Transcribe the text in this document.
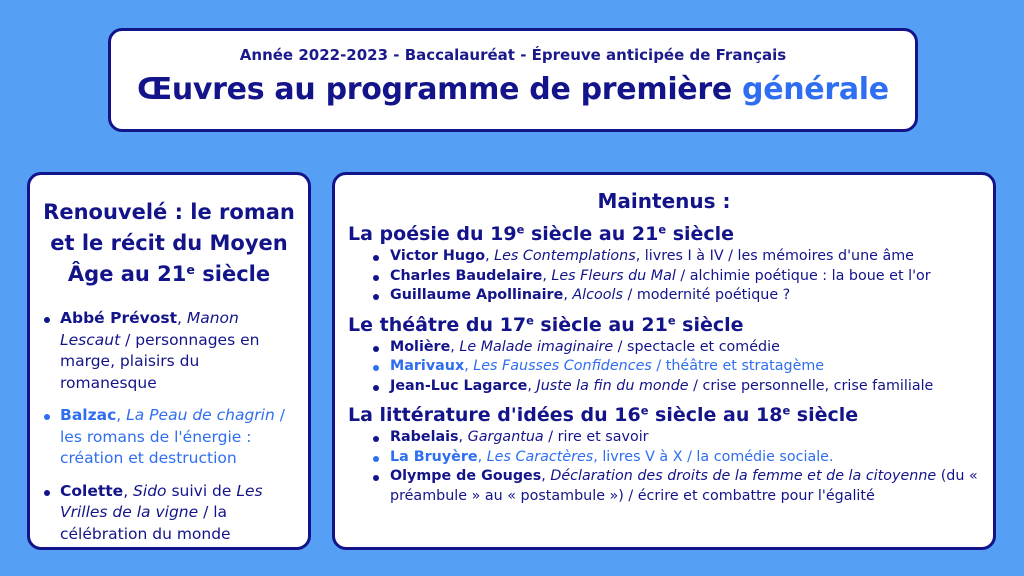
Année 2022-2023 - Baccalauréat - Épreuve anticipée de Français
Œuvres au programme de première générale
Renouvelé : le roman et le récit du Moyen Âge au 21e siècle
Abbé Prévost, Manon Lescaut / personnages en marge, plaisirs du romanesque
Balzac, La Peau de chagrin / les romans de l'énergie : création et destruction
Colette, Sido suivi de Les Vrilles de la vigne / la célébration du monde
Maintenus :
La poésie du 19e siècle au 21e siècle
Victor Hugo, Les Contemplations, livres I à IV / les mémoires d'une âme
Charles Baudelaire, Les Fleurs du Mal / alchimie poétique : la boue et l'or
Guillaume Apollinaire, Alcools / modernité poétique ?
Le théâtre du 17e siècle au 21e siècle
Molière, Le Malade imaginaire / spectacle et comédie
Marivaux, Les Fausses Confidences / théâtre et stratagème
Jean-Luc Lagarce, Juste la fin du monde / crise personnelle, crise familiale
La littérature d'idées du 16e siècle au 18e siècle
Rabelais, Gargantua / rire et savoir
La Bruyère, Les Caractères, livres V à X / la comédie sociale.
Olympe de Gouges, Déclaration des droits de la femme et de la citoyenne (du « préambule » au « postambule ») / écrire et combattre pour l'égalité
